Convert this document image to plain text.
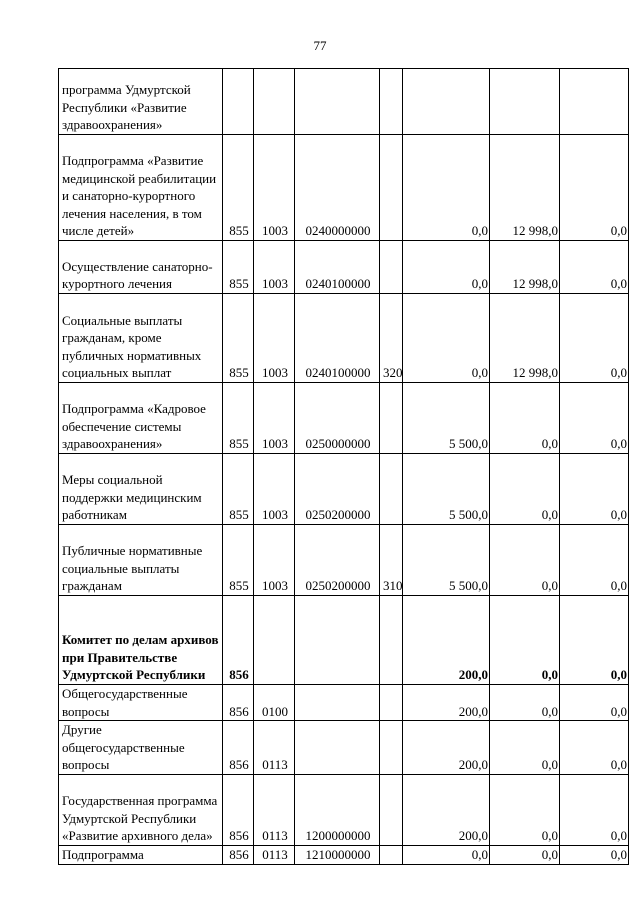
77
программа Удмуртской Республики «Развитие здравоохранения»							
Подпрограмма «Развитие медицинской реабилитации и санаторно-курортного лечения населения, в том числе детей»	855	1003	0240000000		0,0	12 998,0	0,0
Осуществление санаторно-курортного лечения	855	1003	0240100000		0,0	12 998,0	0,0
Социальные выплаты гражданам, кроме публичных нормативных социальных выплат	855	1003	0240100000	320	0,0	12 998,0	0,0
Подпрограмма «Кадровое обеспечение системы здравоохранения»	855	1003	0250000000		5 500,0	0,0	0,0
Меры социальной поддержки медицинским работникам	855	1003	0250200000		5 500,0	0,0	0,0
Публичные нормативные социальные выплаты гражданам	855	1003	0250200000	310	5 500,0	0,0	0,0
Комитет по делам архивов при Правительстве Удмуртской Республики	856				200,0	0,0	0,0
Общегосударственные вопросы	856	0100			200,0	0,0	0,0
Другие общегосударственные вопросы	856	0113			200,0	0,0	0,0
Государственная программа Удмуртской Республики «Развитие архивного дела»	856	0113	1200000000		200,0	0,0	0,0
Подпрограмма	856	0113	1210000000		0,0	0,0	0,0
